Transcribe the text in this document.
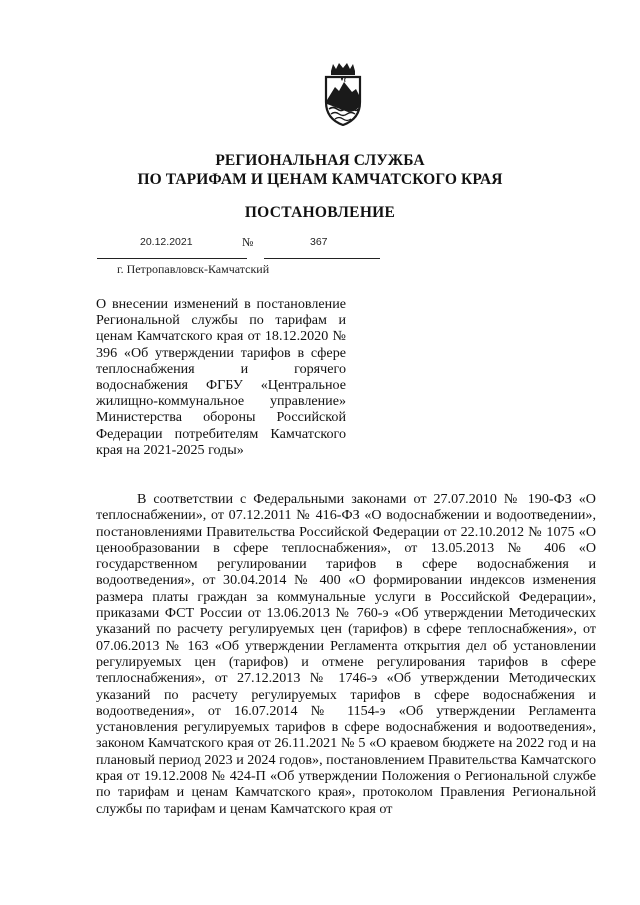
РЕГИОНАЛЬНАЯ СЛУЖБА
ПО ТАРИФАМ И ЦЕНАМ КАМЧАТСКОГО КРАЯ
ПОСТАНОВЛЕНИЕ
20.12.2021	№	367
г. Петропавловск-Камчатский
О внесении изменений в постановление Региональной службы по тарифам и ценам Камчатского края от 18.12.2020 № 396 «Об утверждении тарифов в сфере теплоснабжения и горячего водоснабжения ФГБУ «Центральное жилищно-коммунальное управление» Министерства обороны Российской Федерации потребителям Камчатского края на 2021-2025 годы»
В соответствии с Федеральными законами от 27.07.2010 № 190-ФЗ «О теплоснабжении», от 07.12.2011 № 416-ФЗ «О водоснабжении и водоотведении», постановлениями Правительства Российской Федерации от 22.10.2012 № 1075 «О ценообразовании в сфере теплоснабжения», от 13.05.2013 № 406 «О государственном регулировании тарифов в сфере водоснабжения и водоотведения», от 30.04.2014 № 400 «О формировании индексов изменения размера платы граждан за коммунальные услуги в Российской Федерации», приказами ФСТ России от 13.06.2013 № 760-э «Об утверждении Методических указаний по расчету регулируемых цен (тарифов) в сфере теплоснабжения», от 07.06.2013 № 163 «Об утверждении Регламента открытия дел об установлении регулируемых цен (тарифов) и отмене регулирования тарифов в сфере теплоснабжения», от 27.12.2013 № 1746-э «Об утверждении Методических указаний по расчету регулируемых тарифов в сфере водоснабжения и водоотведения», от 16.07.2014 № 1154-э «Об утверждении Регламента установления регулируемых тарифов в сфере водоснабжения и водоотведения», законом Камчатского края от 26.11.2021 № 5 «О краевом бюджете на 2022 год и на плановый период 2023 и 2024 годов», постановлением Правительства Камчатского края от 19.12.2008 № 424-П «Об утверждении Положения о Региональной службе по тарифам и ценам Камчатского края», протоколом Правления Региональной службы по тарифам и ценам Камчатского края от
